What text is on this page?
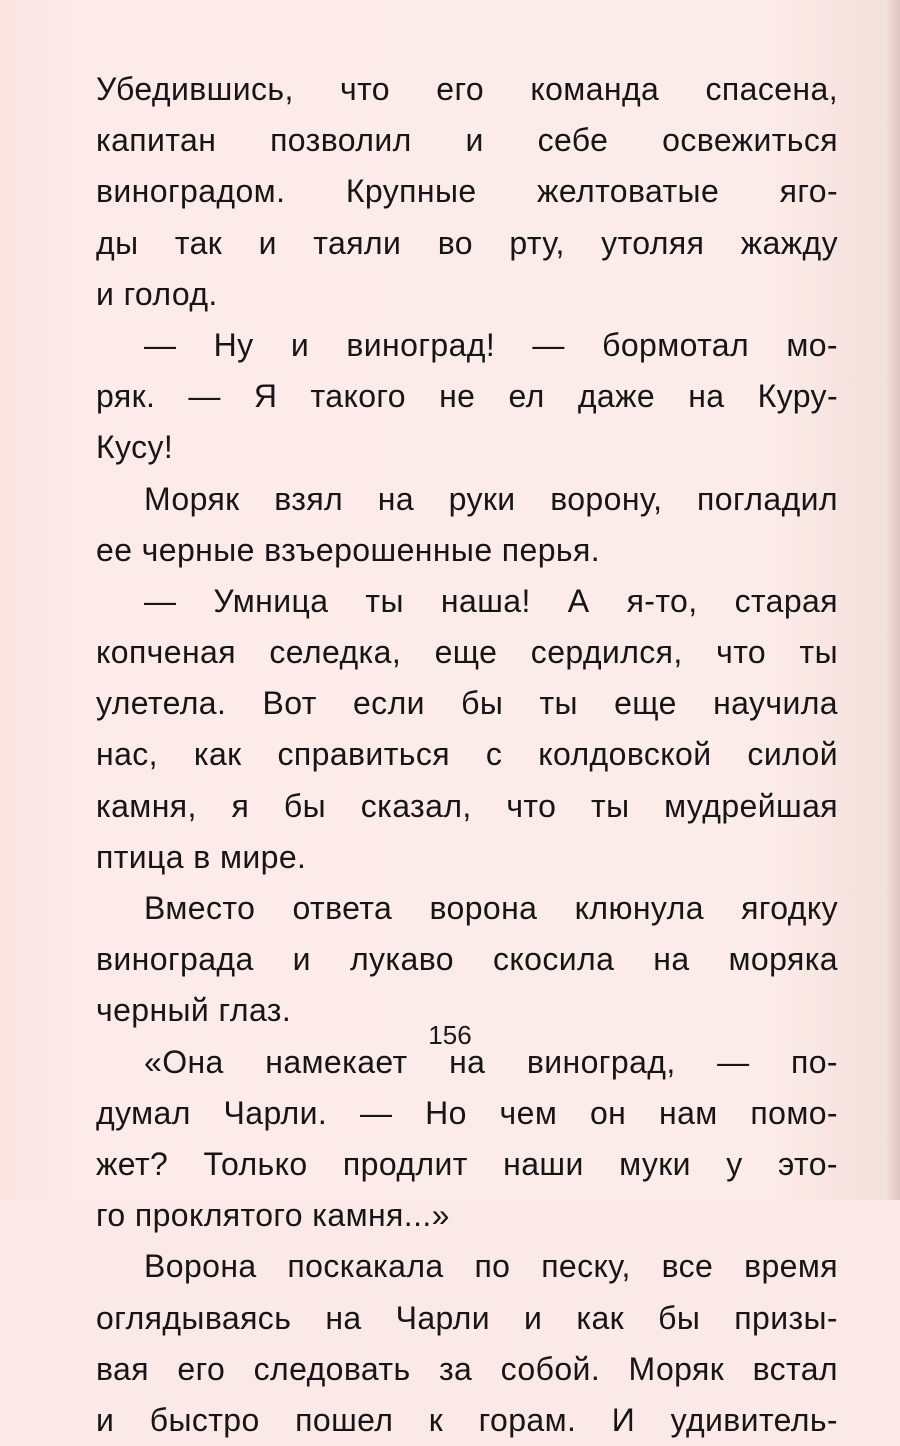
Убедившись, что его команда спасена,
капитан позволил и себе освежиться
виноградом. Крупные желтоватые яго-
ды так и таяли во рту, утоляя жажду
и голод.
— Ну и виноград! — бормотал мо-
ряк. — Я такого не ел даже на Куру-
Кусу!
Моряк взял на руки ворону, погладил
ее черные взъерошенные перья.
— Умница ты наша! А я-то, старая
копченая селедка, еще сердился, что ты
улетела. Вот если бы ты еще научила
нас, как справиться с колдовской силой
камня, я бы сказал, что ты мудрейшая
птица в мире.
Вместо ответа ворона клюнула ягодку
винограда и лукаво скосила на моряка
черный глаз.
«Она намекает на виноград, — по-
думал Чарли. — Но чем он нам помо-
жет? Только продлит наши муки у это-
го проклятого камня...»
Ворона поскакала по песку, все время
оглядываясь на Чарли и как бы призы-
вая его следовать за собой. Моряк встал
и быстро пошел к горам. И удивитель-
156
